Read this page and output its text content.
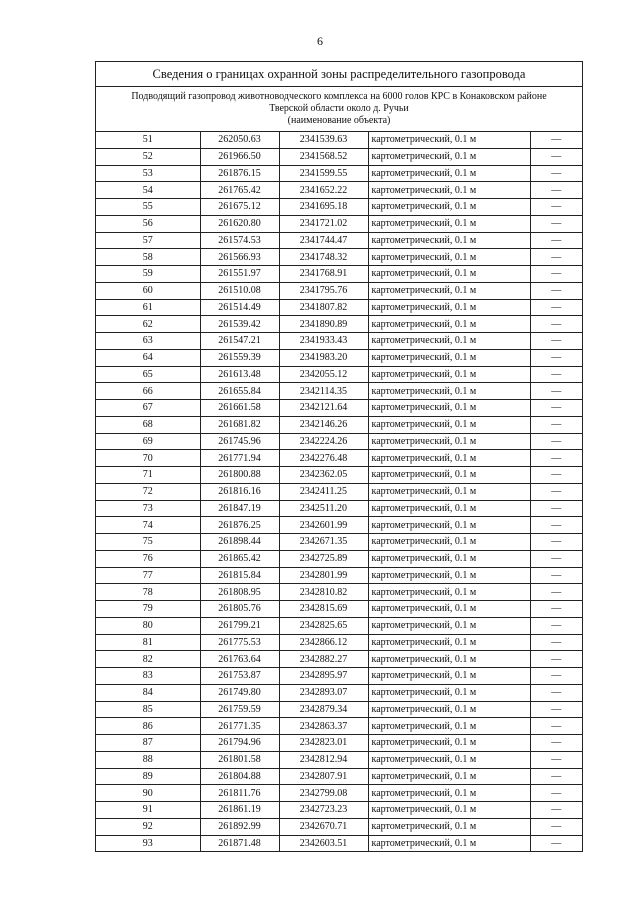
6
Сведения о границах охранной зоны распределительного газопровода
Подводящий газопровод животноводческого комплекса на 6000 голов КРС в Конаковском районе
Тверской области около д. Ручьи
(наименование объекта)
51	262050.63	2341539.63	картометрический, 0.1 м	—
52	261966.50	2341568.52	картометрический, 0.1 м	—
53	261876.15	2341599.55	картометрический, 0.1 м	—
54	261765.42	2341652.22	картометрический, 0.1 м	—
55	261675.12	2341695.18	картометрический, 0.1 м	—
56	261620.80	2341721.02	картометрический, 0.1 м	—
57	261574.53	2341744.47	картометрический, 0.1 м	—
58	261566.93	2341748.32	картометрический, 0.1 м	—
59	261551.97	2341768.91	картометрический, 0.1 м	—
60	261510.08	2341795.76	картометрический, 0.1 м	—
61	261514.49	2341807.82	картометрический, 0.1 м	—
62	261539.42	2341890.89	картометрический, 0.1 м	—
63	261547.21	2341933.43	картометрический, 0.1 м	—
64	261559.39	2341983.20	картометрический, 0.1 м	—
65	261613.48	2342055.12	картометрический, 0.1 м	—
66	261655.84	2342114.35	картометрический, 0.1 м	—
67	261661.58	2342121.64	картометрический, 0.1 м	—
68	261681.82	2342146.26	картометрический, 0.1 м	—
69	261745.96	2342224.26	картометрический, 0.1 м	—
70	261771.94	2342276.48	картометрический, 0.1 м	—
71	261800.88	2342362.05	картометрический, 0.1 м	—
72	261816.16	2342411.25	картометрический, 0.1 м	—
73	261847.19	2342511.20	картометрический, 0.1 м	—
74	261876.25	2342601.99	картометрический, 0.1 м	—
75	261898.44	2342671.35	картометрический, 0.1 м	—
76	261865.42	2342725.89	картометрический, 0.1 м	—
77	261815.84	2342801.99	картометрический, 0.1 м	—
78	261808.95	2342810.82	картометрический, 0.1 м	—
79	261805.76	2342815.69	картометрический, 0.1 м	—
80	261799.21	2342825.65	картометрический, 0.1 м	—
81	261775.53	2342866.12	картометрический, 0.1 м	—
82	261763.64	2342882.27	картометрический, 0.1 м	—
83	261753.87	2342895.97	картометрический, 0.1 м	—
84	261749.80	2342893.07	картометрический, 0.1 м	—
85	261759.59	2342879.34	картометрический, 0.1 м	—
86	261771.35	2342863.37	картометрический, 0.1 м	—
87	261794.96	2342823.01	картометрический, 0.1 м	—
88	261801.58	2342812.94	картометрический, 0.1 м	—
89	261804.88	2342807.91	картометрический, 0.1 м	—
90	261811.76	2342799.08	картометрический, 0.1 м	—
91	261861.19	2342723.23	картометрический, 0.1 м	—
92	261892.99	2342670.71	картометрический, 0.1 м	—
93	261871.48	2342603.51	картометрический, 0.1 м	—
